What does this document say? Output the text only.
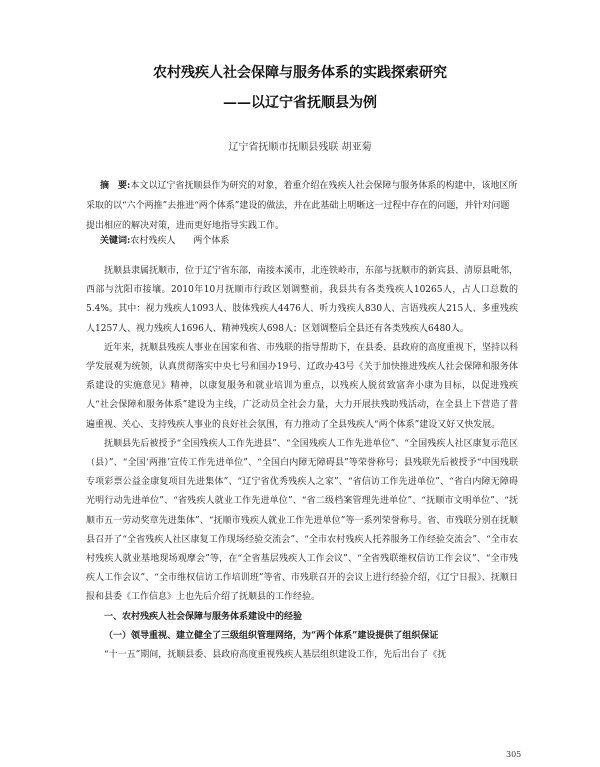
农村残疾人社会保障与服务体系的实践探索研究
——以辽宁省抚顺县为例
辽宁省抚顺市抚顺县残联 胡亚菊
摘　要:本文以辽宁省抚顺县作为研究的对象，着重介绍在残疾人社会保障与服务体系的构建中，该地区所采取的以“六个两推”去推进“两个体系”建设的做法，并在此基础上明晰这一过程中存在的问题，并针对问题提出相应的解决对策，进而更好地指导实践工作。
关键词:农村残疾人　　两个体系

抚顺县隶属抚顺市，位于辽宁省东部，南接本溪市，北连铁岭市，东部与抚顺市的新宾县、清原县毗邻，西部与沈阳市接壤。2010年10月抚顺市行政区划调整前，我县共有各类残疾人10265人，占人口总数的5.4%。其中：视力残疾人1093人、肢体残疾人4476人、听力残疾人830人、言语残疾人215人、多重残疾人1257人、视力残疾人1696人、精神残疾人698人；区划调整后全县还有各类残疾人6480人。

近年来，抚顺县残疾人事业在国家和省、市残联的指导帮助下，在县委、县政府的高度重视下，坚持以科学发展观为统领，认真贯彻落实中央七号和国办19号、辽政办43号《关于加快推进残疾人社会保障和服务体系建设的实施意见》精神，以康复服务和就业培训为重点，以残疾人脱贫致富奔小康为目标，以促进残疾人“社会保障和服务体系”建设为主线，广泛动员全社会力量，大力开展扶残助残活动，在全县上下营造了普遍重视、关心、支持残疾人事业的良好社会氛围，有力推动了全县残疾人“两个体系”建设又好又快发展。

抚顺县先后被授予“全国残疾人工作先进县”、“全国残疾人工作先进单位”、“全国残疾人社区康复示范区（县）”、“全国‘两推’宣传工作先进单位”、“全国白内障无障碍县”等荣誉称号；县残联先后被授予“中国残联专项彩票公益金康复项目先进集体”、“辽宁省优秀残疾人之家”、“省信访工作先进单位”、“省白内障无障碍光明行动先进单位”、“省残疾人就业工作先进单位”、“省二级档案管理先进单位”、“抚顺市文明单位”、“抚顺市五一劳动奖章先进集体”、“抚顺市残疾人就业工作先进单位”等一系列荣誉称号。省、市残联分别在抚顺县召开了“全省残疾人社区康复工作现场经验交流会”、“全市农村残疾人托养服务工作经验交流会”、“全市农村残疾人就业基地现场观摩会”等，在“全省基层残疾人工作会议”、“全省残联维权信访工作会议”、“全市残疾人工作会议”、“全市维权信访工作培训班”等省、市残联召开的会议上进行经验介绍，《辽宁日报》、抚顺日报和县委《工作信息》上也先后介绍了抚顺县的工作经验。

一、农村残疾人社会保障与服务体系建设中的经验
（一）领导重视、建立健全了三级组织管理网络，为“两个体系”建设提供了组织保证

“十一五”期间，抚顺县委、县政府高度重视残疾人基层组织建设工作，先后出台了《抚

305
